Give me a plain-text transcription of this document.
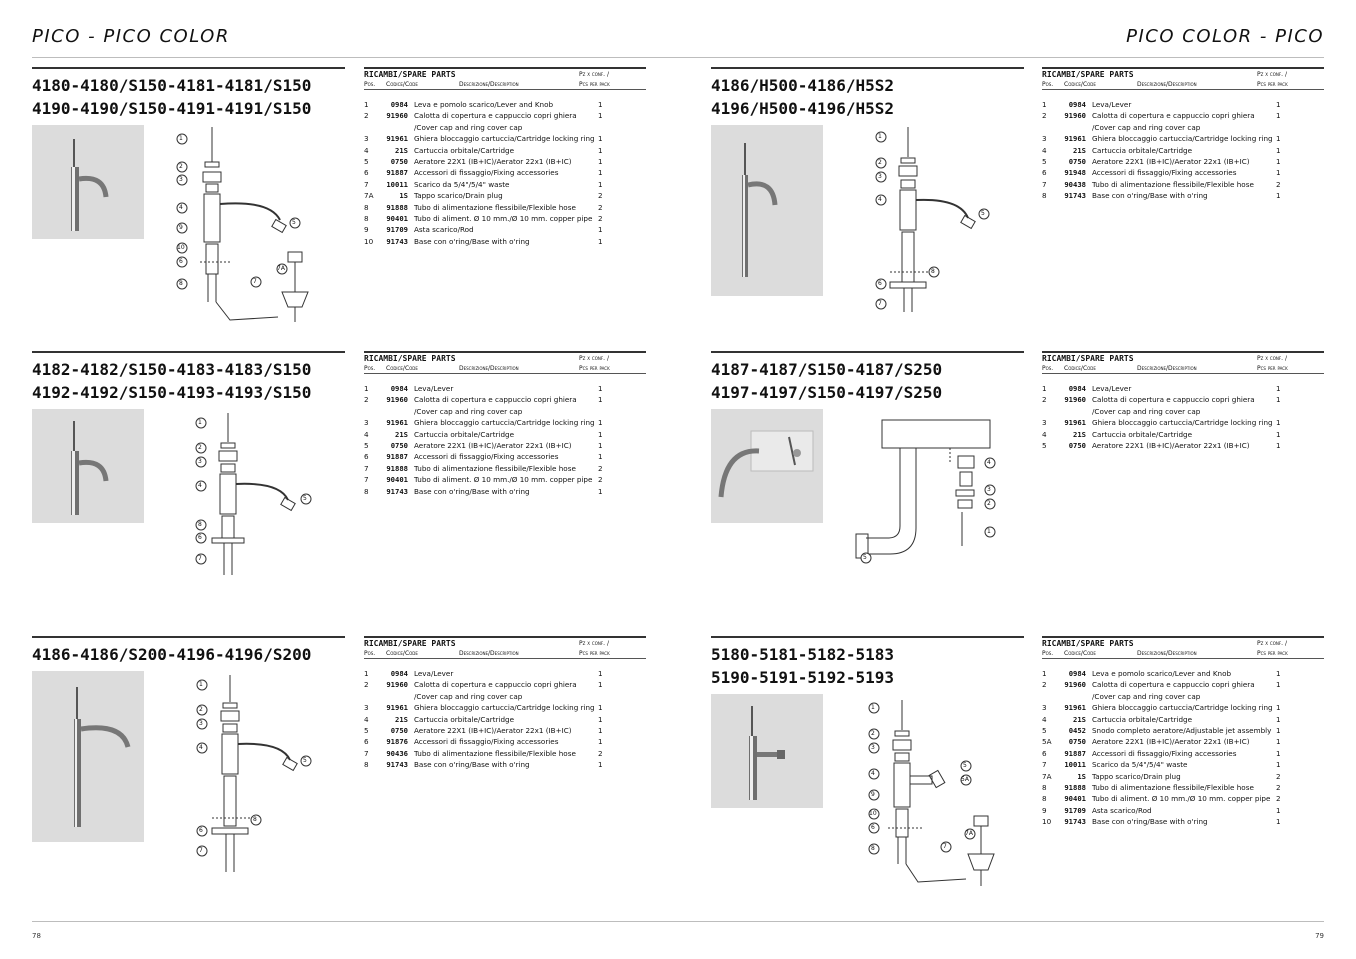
PICO - PICO COLOR	PICO COLOR - PICO
4180-4180/S150-4181-4181/S150
4190-4190/S150-4191-4191/S150
1
2
3
4
5
9
10
6
8	7
7A
RICAMBI/SPARE PARTS	Pz x conf. /
Pos. Codice/Code	Descrizione/Description	Pcs per pack
1	0984	Leva e pomolo scarico/Lever and Knob	1
2	91960	Calotta di copertura e cappuccio copri ghiera	1
		/Cover cap and ring cover cap	
3	91961	Ghiera bloccaggio cartuccia/Cartridge locking ring	1
4	21S	Cartuccia orbitale/Cartridge	1
5	0750	Aeratore 22X1 (IB+IC)/Aerator 22x1 (IB+IC)	1
6	91887	Accessori di fissaggio/Fixing accessories	1
7	10011	Scarico da 5/4"/5/4" waste	1
7A	1S	Tappo scarico/Drain plug	2
8	91888	Tubo di alimentazione flessibile/Flexible hose	2
8	90401	Tubo di aliment. Ø 10 mm./Ø 10 mm. copper pipe	2
9	91709	Asta scarico/Rod	1
10	91743	Base con o'ring/Base with o'ring	1
4186/H500-4186/H5S2
4196/H500-4196/H5S2
1
2
3
4
5
8
6
7
RICAMBI/SPARE PARTS	Pz x conf. /
Pos. Codice/Code	Descrizione/Description	Pcs per pack
1	0984	Leva/Lever	1
2	91960	Calotta di copertura e cappuccio copri ghiera	1
		/Cover cap and ring cover cap	
3	91961	Ghiera bloccaggio cartuccia/Cartridge locking ring	1
4	21S	Cartuccia orbitale/Cartridge	1
5	0750	Aeratore 22X1 (IB+IC)/Aerator 22x1 (IB+IC)	1
6	91948	Accessori di fissaggio/Fixing accessories	1
7	90438	Tubo di alimentazione flessibile/Flexible hose	2
8	91743	Base con o'ring/Base with o'ring	1
4182-4182/S150-4183-4183/S150
4192-4192/S150-4193-4193/S150
1
2
3
4
5
8
6
7
RICAMBI/SPARE PARTS	Pz x conf. /
Pos. Codice/Code	Descrizione/Description	Pcs per pack
1	0984	Leva/Lever	1
2	91960	Calotta di copertura e cappuccio copri ghiera	1
		/Cover cap and ring cover cap	
3	91961	Ghiera bloccaggio cartuccia/Cartridge locking ring	1
4	21S	Cartuccia orbitale/Cartridge	1
5	0750	Aeratore 22X1 (IB+IC)/Aerator 22x1 (IB+IC)	1
6	91887	Accessori di fissaggio/Fixing accessories	1
7	91888	Tubo di alimentazione flessibile/Flexible hose	2
7	90401	Tubo di aliment. Ø 10 mm./Ø 10 mm. copper pipe	2
8	91743	Base con o'ring/Base with o'ring	1
4187-4187/S150-4187/S250
4197-4197/S150-4197/S250
4
3
2
1
5
RICAMBI/SPARE PARTS	Pz x conf. /
Pos. Codice/Code	Descrizione/Description	Pcs per pack
1	0984	Leva/Lever	1
2	91960	Calotta di copertura e cappuccio copri ghiera	1
		/Cover cap and ring cover cap	
3	91961	Ghiera bloccaggio cartuccia/Cartridge locking ring	1
4	21S	Cartuccia orbitale/Cartridge	1
5	0750	Aeratore 22X1 (IB+IC)/Aerator 22x1 (IB+IC)	1
4186-4186/S200-4196-4196/S200
1
2
3
4
5
8
6
7
RICAMBI/SPARE PARTS	Pz x conf. /
Pos. Codice/Code	Descrizione/Description	Pcs per pack
1	0984	Leva/Lever	1
2	91960	Calotta di copertura e cappuccio copri ghiera	1
		/Cover cap and ring cover cap	
3	91961	Ghiera bloccaggio cartuccia/Cartridge locking ring	1
4	21S	Cartuccia orbitale/Cartridge	1
5	0750	Aeratore 22X1 (IB+IC)/Aerator 22x1 (IB+IC)	1
6	91876	Accessori di fissaggio/Fixing accessories	1
7	90436	Tubo di alimentazione flessibile/Flexible hose	2
8	91743	Base con o'ring/Base with o'ring	1
5180-5181-5182-5183
5190-5191-5192-5193
1
2
3
4
5
5A
9
10
6
8	7
7A
RICAMBI/SPARE PARTS	Pz x conf. /
Pos. Codice/Code	Descrizione/Description	Pcs per pack
1	0984	Leva e pomolo scarico/Lever and Knob	1
2	91960	Calotta di copertura e cappuccio copri ghiera	1
		/Cover cap and ring cover cap	
3	91961	Ghiera bloccaggio cartuccia/Cartridge locking ring	1
4	21S	Cartuccia orbitale/Cartridge	1
5	0452	Snodo completo aeratore/Adjustable jet assembly	1
5A	0750	Aeratore 22X1 (IB+IC)/Aerator 22x1 (IB+IC)	1
6	91887	Accessori di fissaggio/Fixing accessories	1
7	10011	Scarico da 5/4"/5/4" waste	1
7A	1S	Tappo scarico/Drain plug	2
8	91888	Tubo di alimentazione flessibile/Flexible hose	2
8	90401	Tubo di aliment. Ø 10 mm./Ø 10 mm. copper pipe	2
9	91709	Asta scarico/Rod	1
10	91743	Base con o'ring/Base with o'ring	1
78	79
